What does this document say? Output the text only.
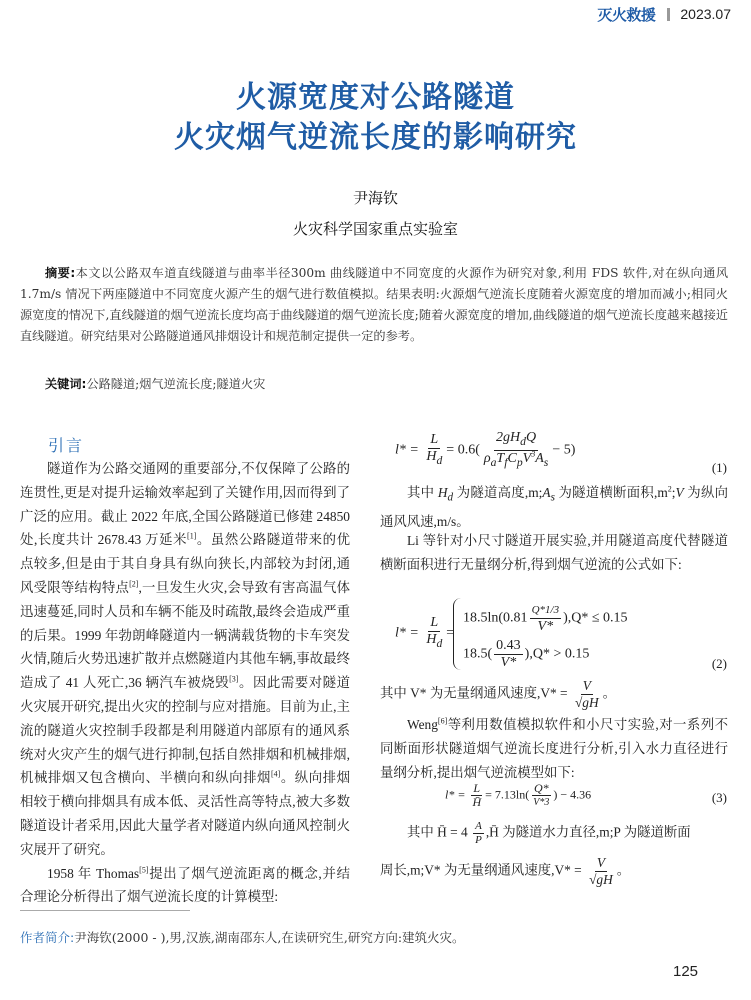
灭火救援 2023.07
火源宽度对公路隧道
火灾烟气逆流长度的影响研究
尹海钦
火灾科学国家重点实验室
摘要:本文以公路双车道直线隧道与曲率半径300m 曲线隧道中不同宽度的火源作为研究对象,利用 FDS 软件,对在纵向通风 1.7m/s 情况下两座隧道中不同宽度火源产生的烟气进行数值模拟。结果表明:火源烟气逆流长度随着火源宽度的增加而减小;相同火源宽度的情况下,直线隧道的烟气逆流长度均高于曲线隧道的烟气逆流长度;随着火源宽度的增加,曲线隧道的烟气逆流长度越来越接近直线隧道。研究结果对公路隧道通风排烟设计和规范制定提供一定的参考。
关键词:公路隧道;烟气逆流长度;隧道火灾
引言

隧道作为公路交通网的重要部分,不仅保障了公路的连贯性,更是对提升运输效率起到了关键作用,因而得到了广泛的应用。截止 2022 年底,全国公路隧道已修建 24850 处,长度共计 2678.43 万延米[1]。虽然公路隧道带来的优点较多,但是由于其自身具有纵向狭长,内部较为封闭,通风受限等结构特点[2],一旦发生火灾,会导致有害高温气体迅速蔓延,同时人员和车辆不能及时疏散,最终会造成严重的后果。1999 年勃朗峰隧道内一辆满载货物的卡车突发火情,随后火势迅速扩散并点燃隧道内其他车辆,事故最终造成了 41 人死亡,36 辆汽车被烧毁[3]。因此需要对隧道火灾展开研究,提出火灾的控制与应对措施。目前为止,主流的隧道火灾控制手段都是利用隧道内部原有的通风系统对火灾产生的烟气进行抑制,包括自然排烟和机械排烟,机械排烟又包含横向、半横向和纵向排烟[4]。纵向排烟相较于横向排烟具有成本低、灵活性高等特点,被大多数隧道设计者采用,因此大量学者对隧道内纵向通风控制火灾展开了研究。

1958 年 Thomas[5]提出了烟气逆流距离的概念,并结合理论分析得出了烟气逆流长度的计算模型:

$l* = \frac{L}{H_d} = 0.6( \frac{2gH_dQ}{\rho_aT_fC_pV^3A_s} - 5)$
(1)
其中 $H_d$ 为隧道高度$,m;A_s$ 为隧道横断面积$,m^2;V$ 为纵向通风风速,m/s。
Li 等针对小尺寸隧道开展实验,并用隧道高度代替隧道横断面积进行无量纲分析,得到烟气逆流的公式如下:
$l* = \frac{L}{H_d}$ =
$18.5\ln(0.81 \frac{Q*1/3}{V*} ),Q* \le 0.15$
$18.5( \frac{0.43}{V*} ),Q* > 0.15$
(2)
其中 V* 为无量纲通风速度$,V* = \frac{V}{√gH}$ 。
Weng[6]等利用数值模拟软件和小尺寸实验,对一系列不同断面形状隧道烟气逆流长度进行分析,引入水力直径进行量纲分析,提出烟气逆流模型如下:
$l* = \frac{L}{H̄} = 7.13\ln( \frac{Q*}{V*3}$ ) − 4.36	(3)
其中 H̄ = $4 \frac{A}{P}$ ,H̄ 为隧道水力直径,m;P 为隧道断面
周长,m;V* 为无量纲通风速度$,V* = \frac{V}{√gH}$ 。
作者简介:尹海钦(2000 - ),男,汉族,湖南邵东人,在读研究生,研究方向:建筑火灾。
125
